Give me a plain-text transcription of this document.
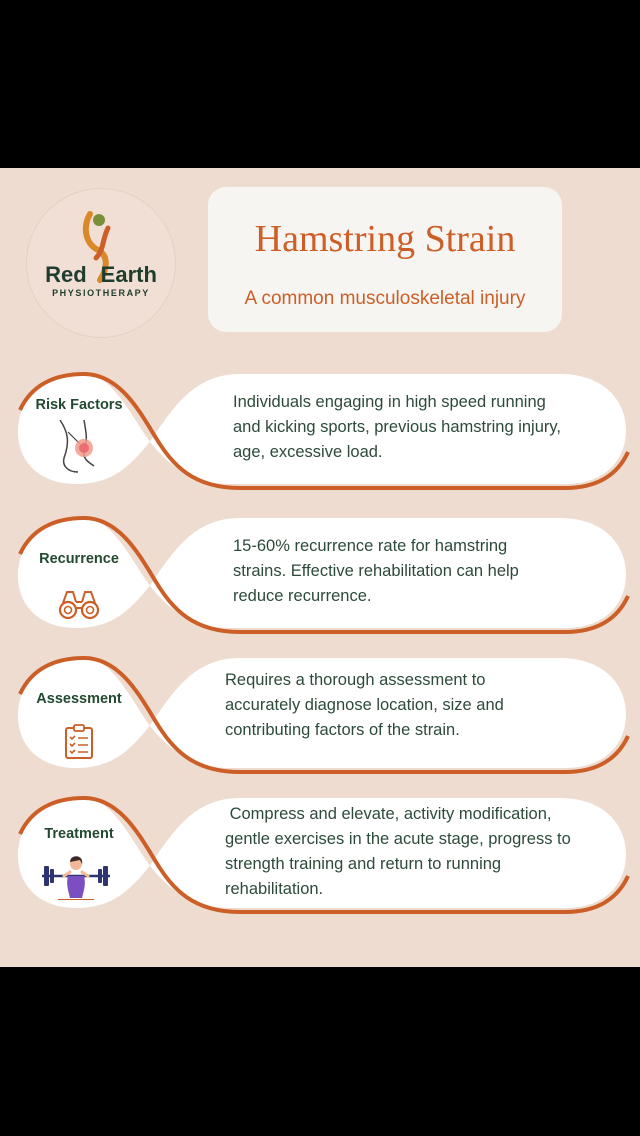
Red Earth
PHYSIOTHERAPY
Hamstring Strain
A common musculoskeletal injury
Risk Factors	Individuals engaging in high speed running
and kicking sports, previous hamstring injury,
age, excessive load.
Recurrence
15-60% recurrence rate for hamstring
strains. Effective rehabilitation can help
reduce recurrence.
Assessment
Requires a thorough assessment to
accurately diagnose location, size and
contributing factors of the strain.
Treatment
Compress and elevate, activity modification,
gentle exercises in the acute stage, progress to
strength training and return to running
rehabilitation.
